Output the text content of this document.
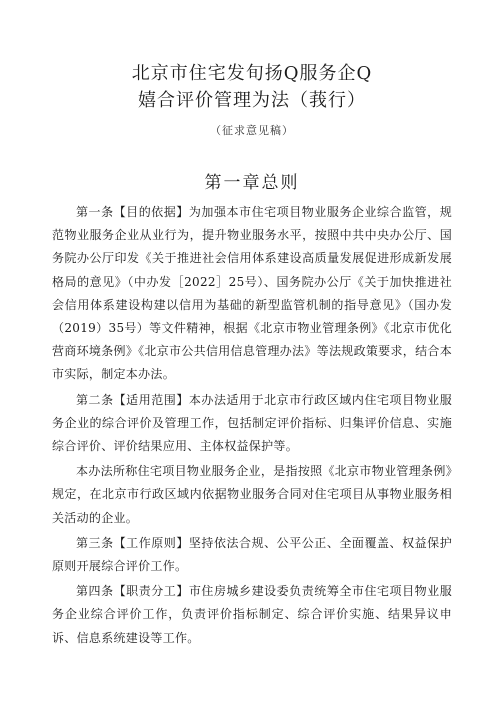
北京市住宅发旬扬Q服务企Q
嬉合评价管理为法（莪行）
（征求意见稿）
第一章总则

第一条【目的依据】为加强本市住宅项目物业服务企业综合监管，规范物业服务企业从业行为，提升物业服务水平，按照中共中央办公厅、国务院办公厅印发《关于推进社会信用体系建设高质量发展促进形成新发展格局的意见》（中办发［2022］25号）、国务院办公厅《关于加快推进社会信用体系建设构建以信用为基础的新型监管机制的指导意见》（国办发（2019）35号）等文件精神，根据《北京市物业管理条例》《北京市优化营商环境条例》《北京市公共信用信息管理办法》等法规政策要求，结合本市实际，制定本办法。

第二条【适用范围】本办法适用于北京市行政区域内住宅项目物业服务企业的综合评价及管理工作，包括制定评价指标、归集评价信息、实施综合评价、评价结果应用、主体权益保护等。

本办法所称住宅项目物业服务企业，是指按照《北京市物业管理条例》规定，在北京市行政区域内依据物业服务合同对住宅项目从事物业服务相关活动的企业。

第三条【工作原则】坚持依法合规、公平公正、全面覆盖、权益保护原则开展综合评价工作。

第四条【职责分工】市住房城乡建设委负责统筹全市住宅项目物业服务企业综合评价工作，负责评价指标制定、综合评价实施、结果异议申诉、信息系统建设等工作。
